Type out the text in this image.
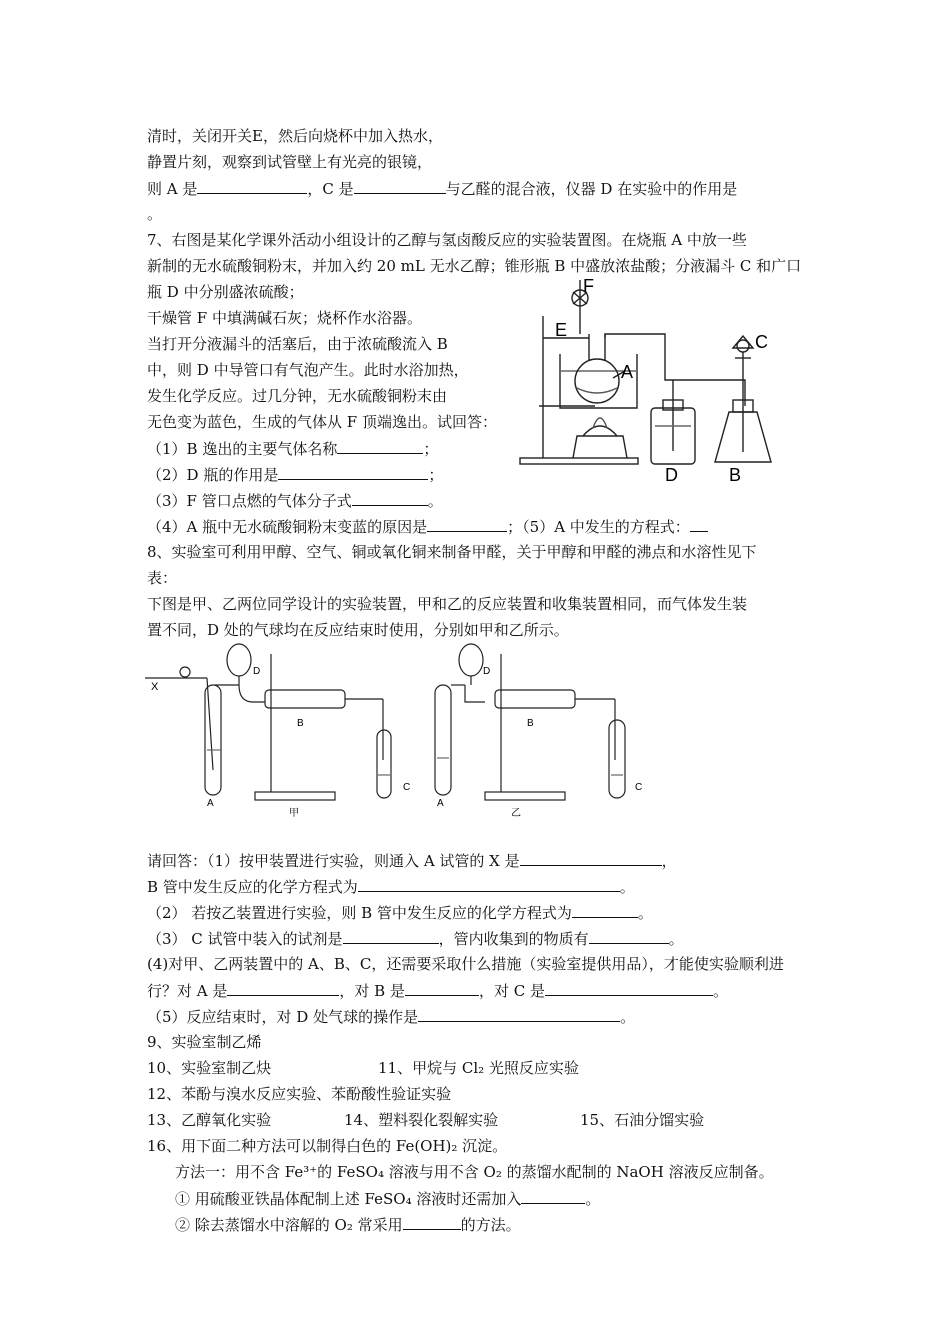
清时，关闭开关E，然后向烧杯中加入热水，
静置片刻，观察到试管壁上有光亮的银镜，
则 A 是	，C 是	与乙醛的混合液，仪器 D 在实验中的作用是
。
7、右图是某化学课外活动小组设计的乙醇与氢卤酸反应的实验装置图。在烧瓶 A 中放一些
新制的无水硫酸铜粉末，并加入约 20 mL 无水乙醇；锥形瓶 B 中盛放浓盐酸；分液漏斗 C 和广口
瓶 D 中分别盛浓硫酸；
干燥管 F 中填满碱石灰；烧杯作水浴器。
当打开分液漏斗的活塞后，由于浓硫酸流入 B
中，则 D 中导管口有气泡产生。此时水浴加热，
发生化学反应。过几分钟，无水硫酸铜粉末由
无色变为蓝色，生成的气体从 F 顶端逸出。试回答：
（1）B 逸出的主要气体名称	；
（2）D 瓶的作用是	；
（3）F 管口点燃的气体分子式	。
（4）A 瓶中无水硫酸铜粉末变蓝的原因是	；（5）A 中发生的方程式：
F
E
A
C
D	B
8、实验室可利用甲醇、空气、铜或氧化铜来制备甲醛，关于甲醇和甲醛的沸点和水溶性见下
表：
下图是甲、乙两位同学设计的实验装置，甲和乙的反应装置和收集装置相同，而气体发生装
置不同，D 处的气球均在反应结束时使用，分别如甲和乙所示。
X
D
B
A
C
甲
D
B
A
C
乙
请回答：（1）按甲装置进行实验，则通入 A 试管的 X 是	，
B 管中发生反应的化学方程式为	。
（2） 若按乙装置进行实验，则 B 管中发生反应的化学方程式为	。
（3） C 试管中装入的试剂是	，管内收集到的物质有	。
(4)对甲、乙两装置中的 A、B、C，还需要采取什么措施（实验室提供用品），才能使实验顺利进
行？对 A 是	，对 B 是	，对 C 是	。
（5）反应结束时，对 D 处气球的操作是	。
9、实验室制乙烯
10、实验室制乙炔	11、甲烷与 Cl₂ 光照反应实验
12、苯酚与溴水反应实验、苯酚酸性验证实验
13、乙醇氧化实验	14、塑料裂化裂解实验	15、石油分馏实验
16、用下面二种方法可以制得白色的 Fe(OH)₂ 沉淀。
方法一：用不含 Fe³⁺的 FeSO₄ 溶液与用不含 O₂ 的蒸馏水配制的 NaOH 溶液反应制备。
① 用硫酸亚铁晶体配制上述 FeSO₄ 溶液时还需加入	。
② 除去蒸馏水中溶解的 O₂ 常采用	的方法。
